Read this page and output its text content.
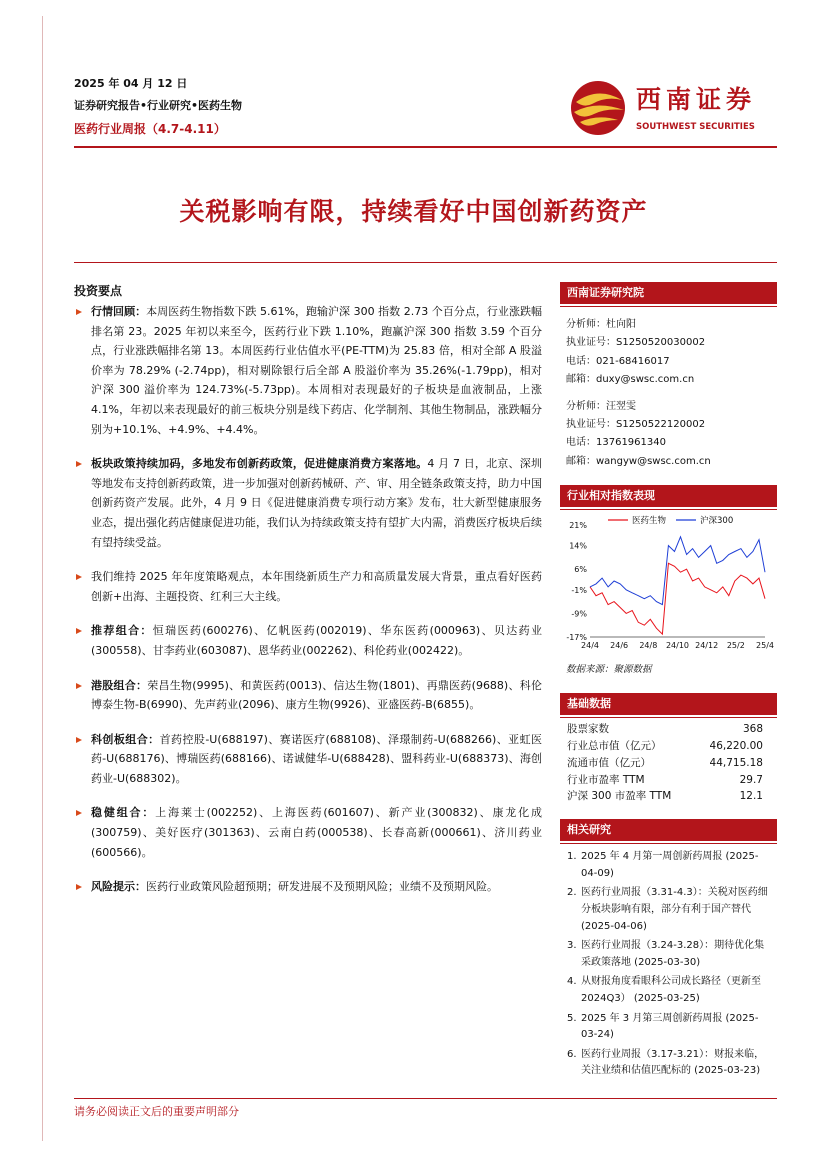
2025 年 04 月 12 日
证券研究报告•行业研究•医药生物
医药行业周报（4.7-4.11）
西南证券
SOUTHWEST SECURITIES
关税影响有限，持续看好中国创新药资产
投资要点
行情回顾：本周医药生物指数下跌 5.61%，跑输沪深 300 指数 2.73 个百分点，行业涨跌幅排名第 23。2025 年初以来至今，医药行业下跌 1.10%，跑赢沪深 300 指数 3.59 个百分点，行业涨跌幅排名第 13。本周医药行业估值水平(PE-TTM)为 25.83 倍，相对全部 A 股溢价率为 78.29% (-2.74pp)，相对剔除银行后全部 A 股溢价率为 35.26%(-1.79pp)，相对沪深 300 溢价率为 124.73%(-5.73pp)。本周相对表现最好的子板块是血液制品，上涨 4.1%，年初以来表现最好的前三板块分别是线下药店、化学制剂、其他生物制品，涨跌幅分别为+10.1%、+4.9%、+4.4%。
板块政策持续加码，多地发布创新药政策，促进健康消费方案落地。4 月 7 日，北京、深圳等地发布支持创新药政策，进一步加强对创新药械研、产、审、用全链条政策支持，助力中国创新药资产发展。此外，4 月 9 日《促进健康消费专项行动方案》发布，壮大新型健康服务业态，提出强化药店健康促进功能，我们认为持续政策支持有望扩大内需，消费医疗板块后续有望持续受益。
我们维持 2025 年年度策略观点，本年围绕新质生产力和高质量发展大背景，重点看好医药创新+出海、主题投资、红利三大主线。
推荐组合：恒瑞医药(600276)、亿帆医药(002019)、华东医药(000963)、贝达药业(300558)、甘李药业(603087)、恩华药业(002262)、科伦药业(002422)。
港股组合：荣昌生物(9995)、和黄医药(0013)、信达生物(1801)、再鼎医药(9688)、科伦博泰生物-B(6990)、先声药业(2096)、康方生物(9926)、亚盛医药-B(6855)。
科创板组合：首药控股-U(688197)、赛诺医疗(688108)、泽璟制药-U(688266)、亚虹医药-U(688176)、博瑞医药(688166)、诺诚健华-U(688428)、盟科药业-U(688373)、海创药业-U(688302)。
稳健组合：上海莱士(002252)、上海医药(601607)、新产业(300832)、康龙化成(300759)、美好医疗(301363)、云南白药(000538)、长春高新(000661)、济川药业(600566)。
风险提示：医药行业政策风险超预期；研发进展不及预期风险；业绩不及预期风险。
西南证券研究院
分析师：杜向阳
执业证号：S1250520030002
电话：021-68416017
邮箱：duxy@swsc.com.cn
分析师：汪翌雯
执业证号：S1250522120002
电话：13761961340
邮箱：wangyw@swsc.com.cn
行业相对指数表现
21%
14%
6%
-1%
-9%
-17%
24/4 24/6 24/8 24/10 24/12 25/2 25/4
医药生物	沪深300
数据来源：聚源数据
基础数据
股票家数	368
行业总市值（亿元）	46,220.00
流通市值（亿元）	44,715.18
行业市盈率 TTM	29.7
沪深 300 市盈率 TTM	12.1
相关研究
1. 2025 年 4 月第一周创新药周报 (2025-04-09)
2. 医药行业周报（3.31-4.3）：关税对医药细分板块影响有限，部分有利于国产替代 (2025-04-06)
3. 医药行业周报（3.24-3.28）：期待优化集采政策落地 (2025-03-30)
4. 从财报角度看眼科公司成长路径（更新至 2024Q3） (2025-03-25)
5. 2025 年 3 月第三周创新药周报 (2025-03-24)
6. 医药行业周报（3.17-3.21）：财报来临，关注业绩和估值匹配标的 (2025-03-23)
请务必阅读正文后的重要声明部分
